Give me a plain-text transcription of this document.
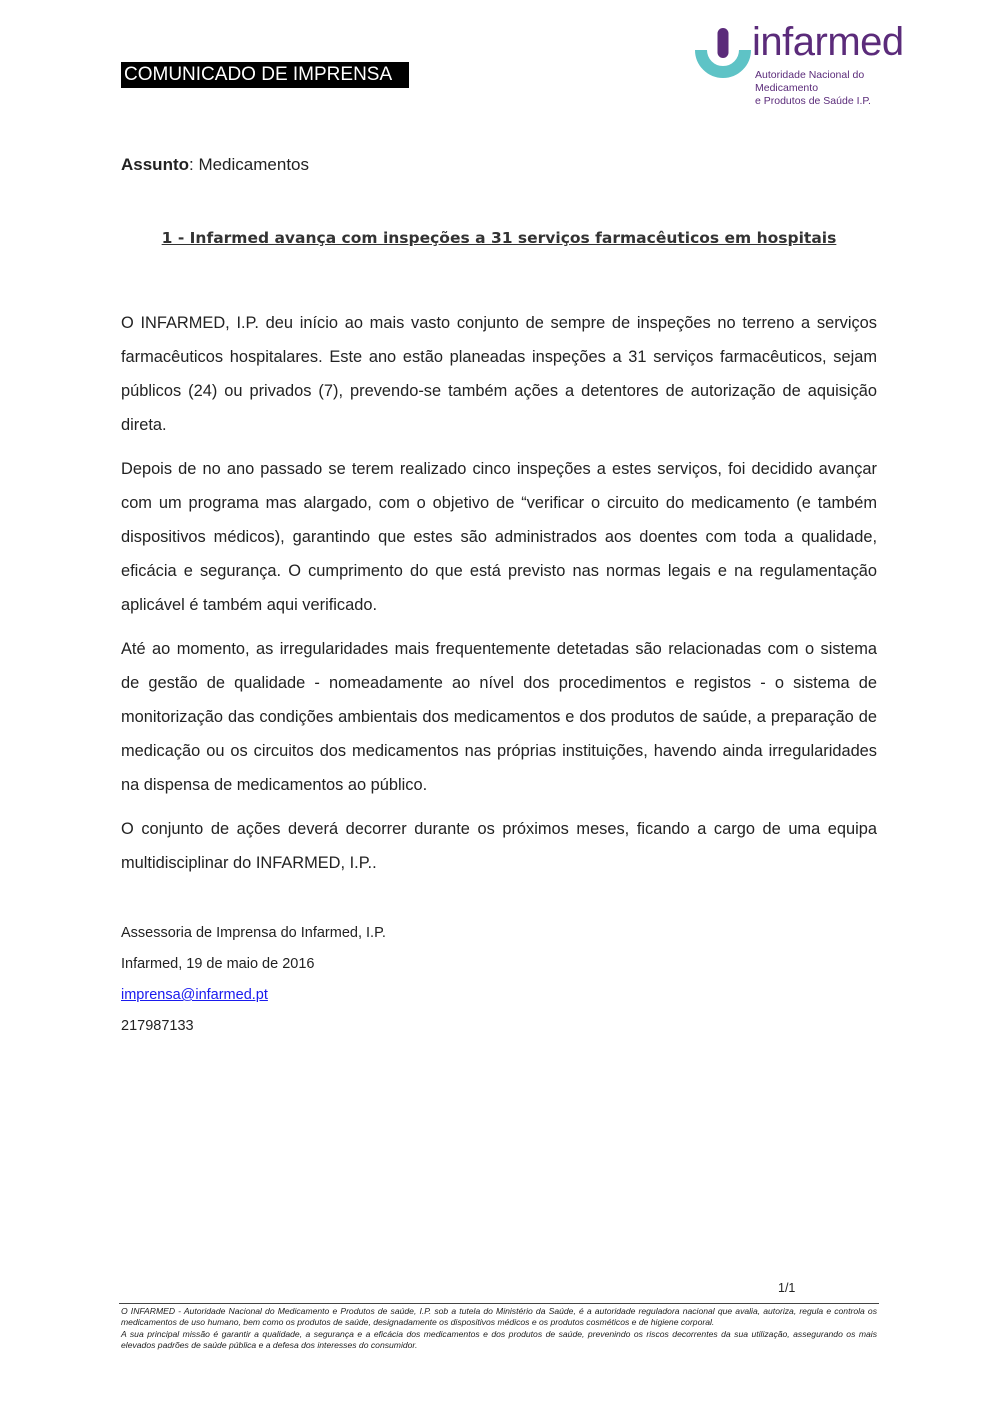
COMUNICADO DE IMPRENSA
infarmed
Autoridade Nacional do Medicamento
e Produtos de Saúde I.P.
Assunto: Medicamentos
1 - Infarmed avança com inspeções a 31 serviços farmacêuticos em hospitais

O INFARMED, I.P. deu início ao mais vasto conjunto de sempre de inspeções no terreno a serviços farmacêuticos hospitalares. Este ano estão planeadas inspeções a 31 serviços farmacêuticos, sejam públicos (24) ou privados (7), prevendo-se também ações a detentores de autorização de aquisição direta.

Depois de no ano passado se terem realizado cinco inspeções a estes serviços, foi decidido avançar com um programa mas alargado, com o objetivo de “verificar o circuito do medicamento (e também dispositivos médicos), garantindo que estes são administrados aos doentes com toda a qualidade, eficácia e segurança. O cumprimento do que está previsto nas normas legais e na regulamentação aplicável é também aqui verificado.

Até ao momento, as irregularidades mais frequentemente detetadas são relacionadas com o sistema de gestão de qualidade - nomeadamente ao nível dos procedimentos e registos - o sistema de monitorização das condições ambientais dos medicamentos e dos produtos de saúde, a preparação de medicação ou os circuitos dos medicamentos nas próprias instituições, havendo ainda irregularidades na dispensa de medicamentos ao público.

O conjunto de ações deverá decorrer durante os próximos meses, ficando a cargo de uma equipa multidisciplinar do INFARMED, I.P..

Assessoria de Imprensa do Infarmed, I.P.
Infarmed, 19 de maio de 2016
imprensa@infarmed.pt
217987133
1/1

O INFARMED - Autoridade Nacional do Medicamento e Produtos de saúde, I.P. sob a tutela do Ministério da Saúde, é a autoridade reguladora nacional que avalia, autoriza, regula e controla os medicamentos de uso humano, bem como os produtos de saúde, designadamente os dispositivos médicos e os produtos cosméticos e de higiene corporal.

A sua principal missão é garantir a qualidade, a segurança e a eficácia dos medicamentos e dos produtos de saúde, prevenindo os riscos decorrentes da sua utilização, assegurando os mais elevados padrões de saúde pública e a defesa dos interesses do consumidor.
